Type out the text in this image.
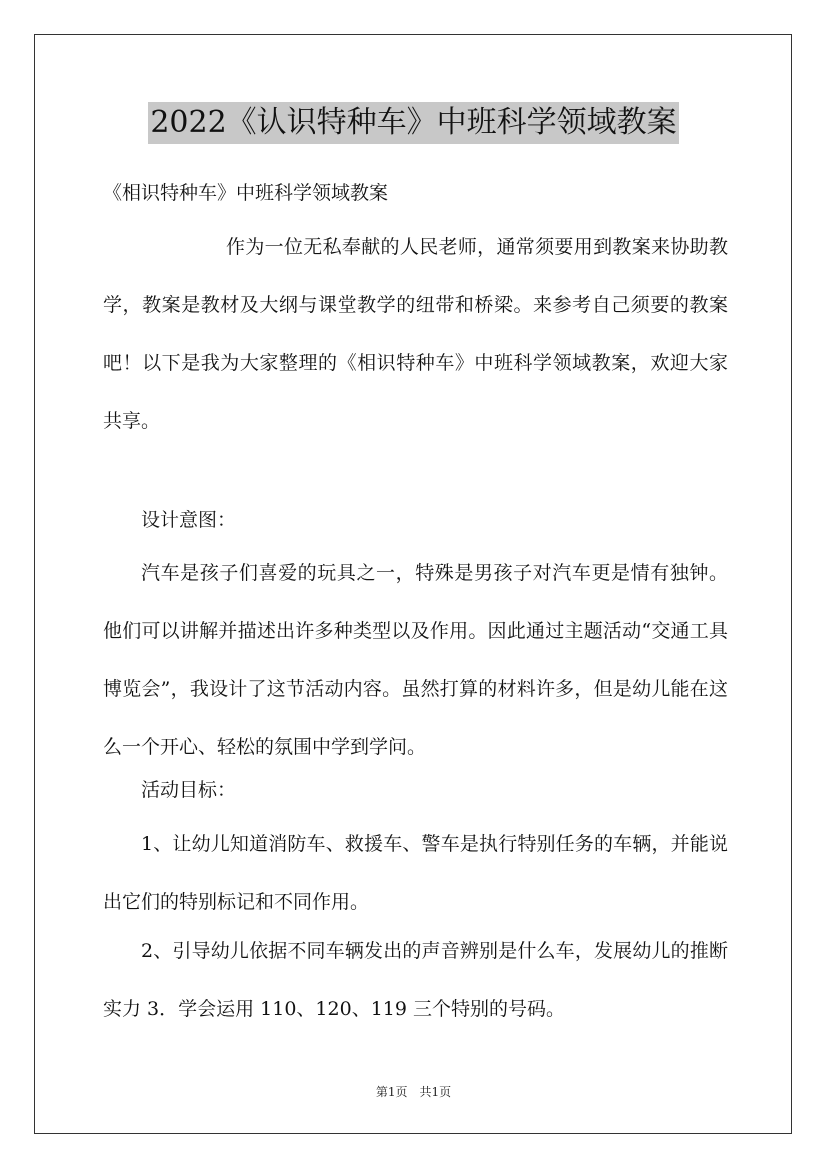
2022《认识特种车》中班科学领域教案
《相识特种车》中班科学领域教案
作为一位无私奉献的人民老师，通常须要用到教案来协助教学，教案是教材及大纲与课堂教学的纽带和桥梁。来参考自己须要的教案吧！以下是我为大家整理的《相识特种车》中班科学领域教案，欢迎大家共享。
设计意图：
汽车是孩子们喜爱的玩具之一，特殊是男孩子对汽车更是情有独钟。他们可以讲解并描述出许多种类型以及作用。因此通过主题活动“交通工具博览会”，我设计了这节活动内容。虽然打算的材料许多，但是幼儿能在这么一个开心、轻松的氛围中学到学问。
活动目标：
1、让幼儿知道消防车、救援车、警车是执行特别任务的车辆，并能说出它们的特别标记和不同作用。
2、引导幼儿依据不同车辆发出的声音辨别是什么车，发展幼儿的推断实力 3．学会运用 110、120、119 三个特别的号码。
第1页　共1页
